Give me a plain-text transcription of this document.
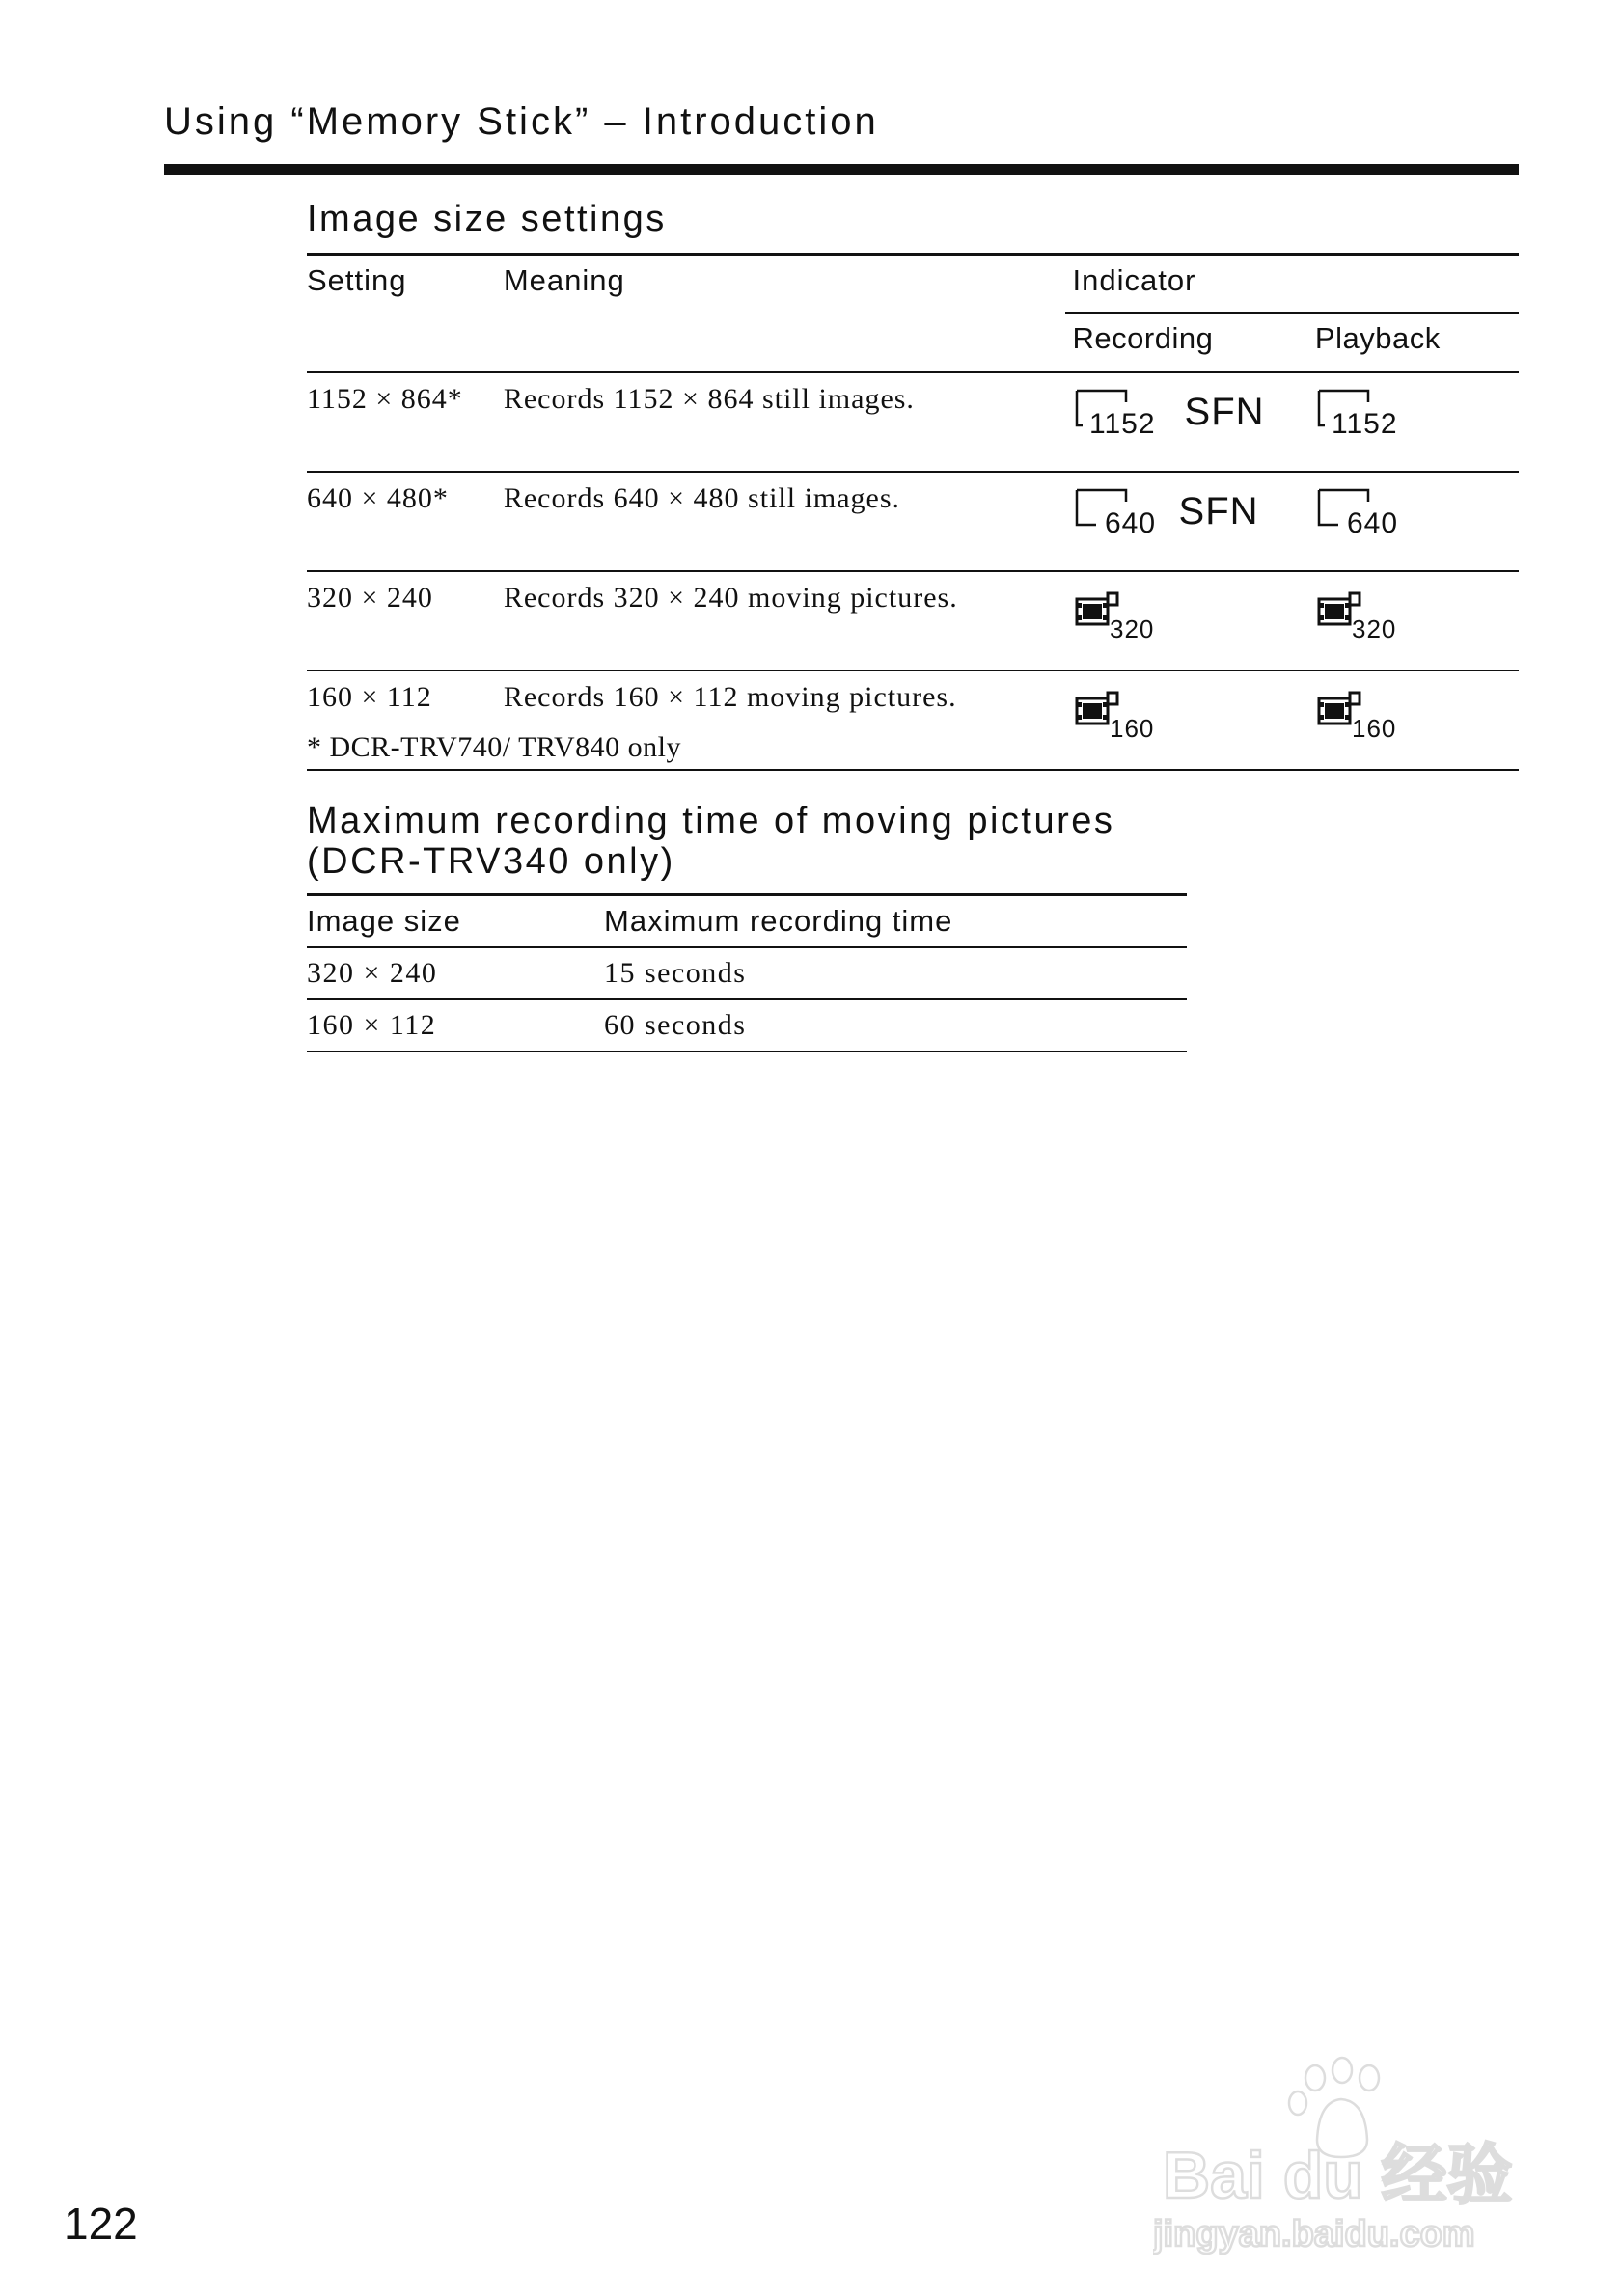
Using “Memory Stick” – Introduction
Image size settings
Setting	Meaning	Indicator	
		Recording	Playback
1152 × 864*	Records 1152 × 864 still images.	1152 SFN	1152

640 × 480*	Records 640 × 480 still images.	640 SFN	640

320 × 240	Records 320 × 240 moving pictures.	320	320

160 × 112	Records 160 × 112 moving pictures.	160	160
* DCR-TRV740/ TRV840 only
Maximum recording time of moving pictures
(DCR-TRV340 only)
Image size	Maximum recording time
320 × 240	15 seconds
160 × 112	60 seconds
122
Bai du 经验
jingyan.baidu.com
